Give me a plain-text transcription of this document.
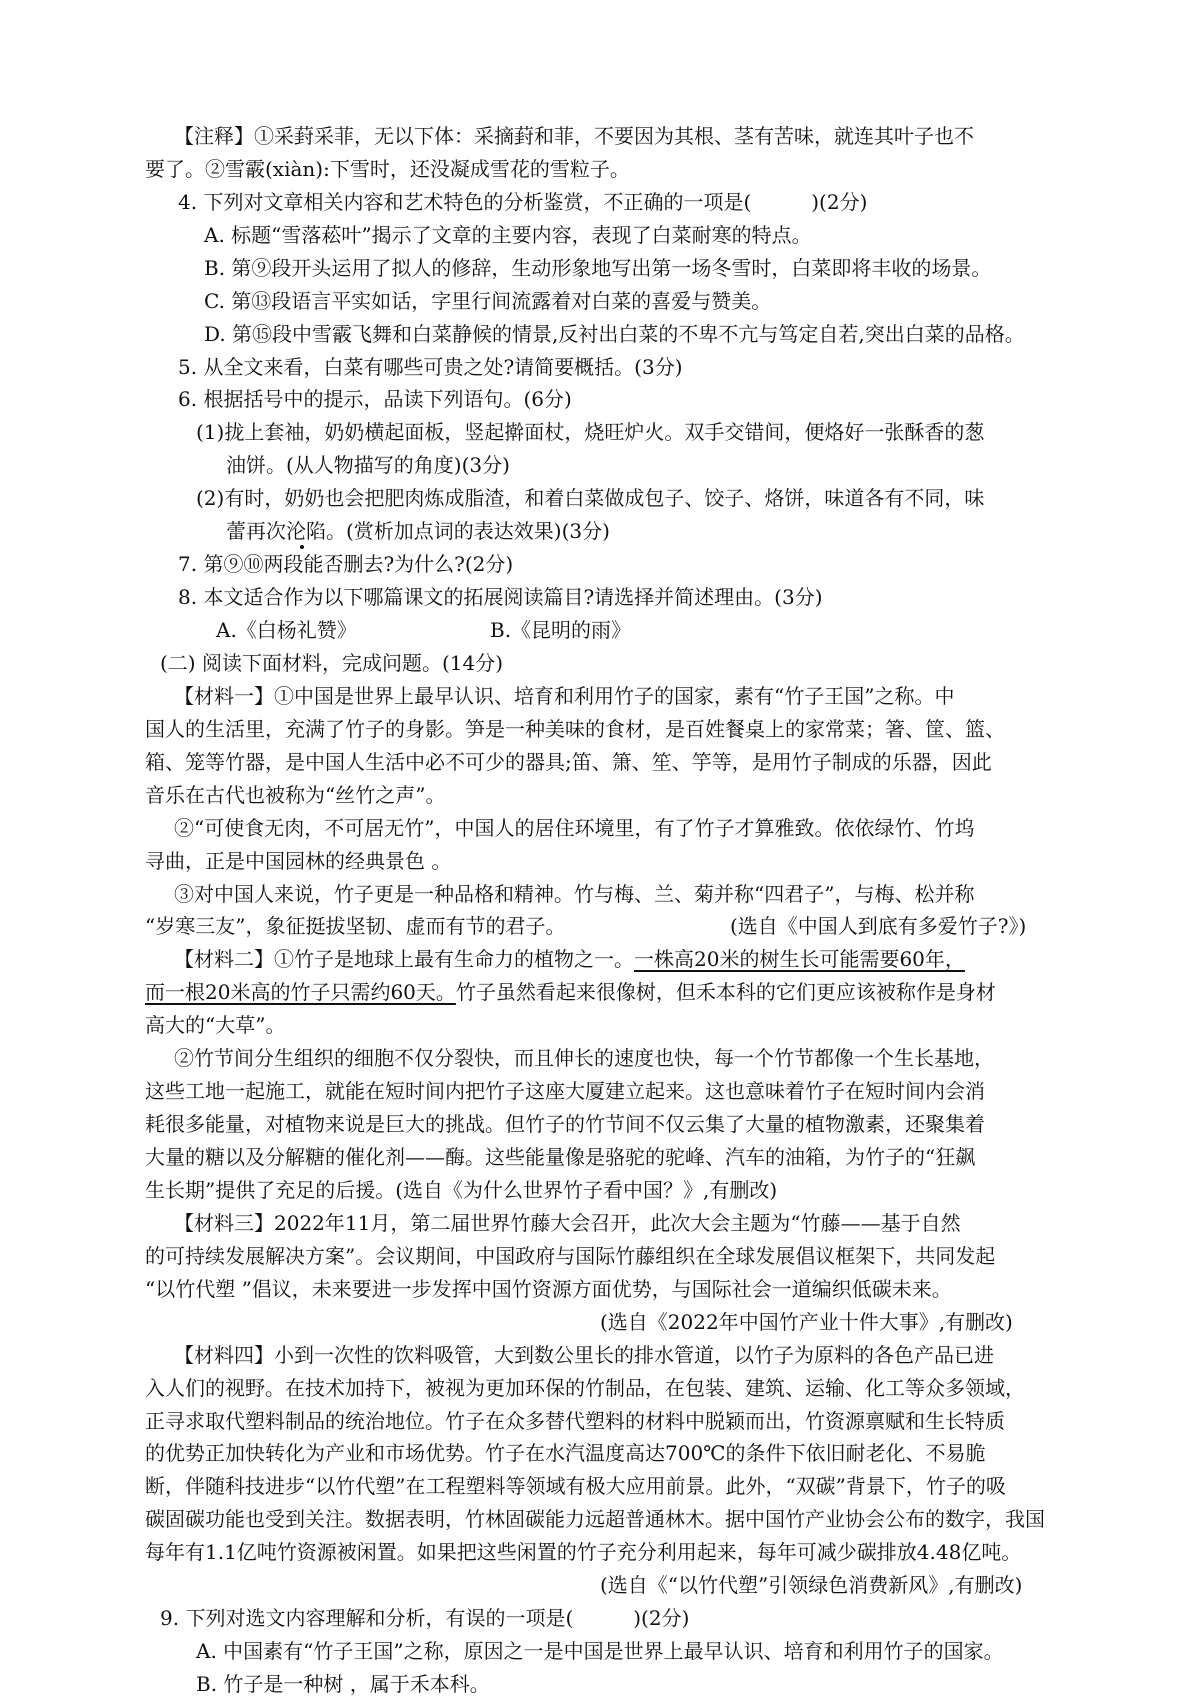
【注释】①采葑采菲，无以下体：采摘葑和菲，不要因为其根、茎有苦味，就连其叶子也不
要了。②雪霰(xiàn):下雪时，还没凝成雪花的雪粒子。
4. 下列对文章相关内容和艺术特色的分析鉴赏，不正确的一项是(　　　)(2分)
A. 标题“雪落菘叶”揭示了文章的主要内容，表现了白菜耐寒的特点。
B. 第⑨段开头运用了拟人的修辞，生动形象地写出第一场冬雪时，白菜即将丰收的场景。
C. 第⑬段语言平实如话，字里行间流露着对白菜的喜爱与赞美。
D. 第⑮段中雪霰飞舞和白菜静候的情景,反衬出白菜的不卑不亢与笃定自若,突出白菜的品格。
5. 从全文来看，白菜有哪些可贵之处?请简要概括。(3分)
6. 根据括号中的提示，品读下列语句。(6分)
(1)拢上套袖，奶奶横起面板，竖起擀面杖，烧旺炉火。双手交错间，便烙好一张酥香的葱
油饼。(从人物描写的角度)(3分)
(2)有时，奶奶也会把肥肉炼成脂渣，和着白菜做成包子、饺子、烙饼，味道各有不同，味
蕾再次沦陷。(赏析加点词的表达效果)(3分)
7. 第⑨⑩两段能否删去?为什么?(2分)
8. 本文适合作为以下哪篇课文的拓展阅读篇目?请选择并简述理由。(3分)
A.《白杨礼赞》	B.《昆明的雨》
(二) 阅读下面材料，完成问题。(14分)
【材料一】①中国是世界上最早认识、培育和利用竹子的国家，素有“竹子王国”之称。中
国人的生活里，充满了竹子的身影。笋是一种美味的食材，是百姓餐桌上的家常菜；箸、筐、篮、
箱、笼等竹器，是中国人生活中必不可少的器具;笛、箫、笙、竽等，是用竹子制成的乐器，因此
音乐在古代也被称为“丝竹之声”。
②“可使食无肉，不可居无竹”，中国人的居住环境里，有了竹子才算雅致。依依绿竹、竹坞
寻曲，正是中国园林的经典景色 。
③对中国人来说，竹子更是一种品格和精神。竹与梅、兰、菊并称“四君子”，与梅、松并称
“岁寒三友”，象征挺拔坚韧、虚而有节的君子。	(选自《中国人到底有多爱竹子?》)
【材料二】①竹子是地球上最有生命力的植物之一。一株高20米的树生长可能需要60年，
而一根20米高的竹子只需约60天。竹子虽然看起来很像树，但禾本科的它们更应该被称作是身材
高大的“大草”。
②竹节间分生组织的细胞不仅分裂快，而且伸长的速度也快，每一个竹节都像一个生长基地，
这些工地一起施工，就能在短时间内把竹子这座大厦建立起来。这也意味着竹子在短时间内会消
耗很多能量，对植物来说是巨大的挑战。但竹子的竹节间不仅云集了大量的植物激素，还聚集着
大量的糖以及分解糖的催化剂——酶。这些能量像是骆驼的驼峰、汽车的油箱，为竹子的“狂飙
生长期”提供了充足的后援。(选自《为什么世界竹子看中国？》,有删改)
【材料三】2022年11月，第二届世界竹藤大会召开，此次大会主题为“竹藤——基于自然
的可持续发展解决方案”。会议期间，中国政府与国际竹藤组织在全球发展倡议框架下，共同发起
“以竹代塑 ”倡议，未来要进一步发挥中国竹资源方面优势，与国际社会一道编织低碳未来。
(选自《2022年中国竹产业十件大事》,有删改)
【材料四】小到一次性的饮料吸管，大到数公里长的排水管道，以竹子为原料的各色产品已进
入人们的视野。在技术加持下，被视为更加环保的竹制品，在包装、建筑、运输、化工等众多领域，
正寻求取代塑料制品的统治地位。竹子在众多替代塑料的材料中脱颖而出，竹资源禀赋和生长特质
的优势正加快转化为产业和市场优势。竹子在水汽温度高达700℃的条件下依旧耐老化、不易脆
断，伴随科技进步“以竹代塑”在工程塑料等领域有极大应用前景。此外，“双碳”背景下，竹子的吸
碳固碳功能也受到关注。数据表明，竹林固碳能力远超普通林木。据中国竹产业协会公布的数字，我国
每年有1.1亿吨竹资源被闲置。如果把这些闲置的竹子充分利用起来，每年可减少碳排放4.48亿吨。
(选自《“以竹代塑”引领绿色消费新风》,有删改)
9. 下列对选文内容理解和分析，有误的一项是(　　　)(2分)
A. 中国素有“竹子王国”之称，原因之一是中国是世界上最早认识、培育和利用竹子的国家。
B. 竹子是一种树 ，属于禾本科。
